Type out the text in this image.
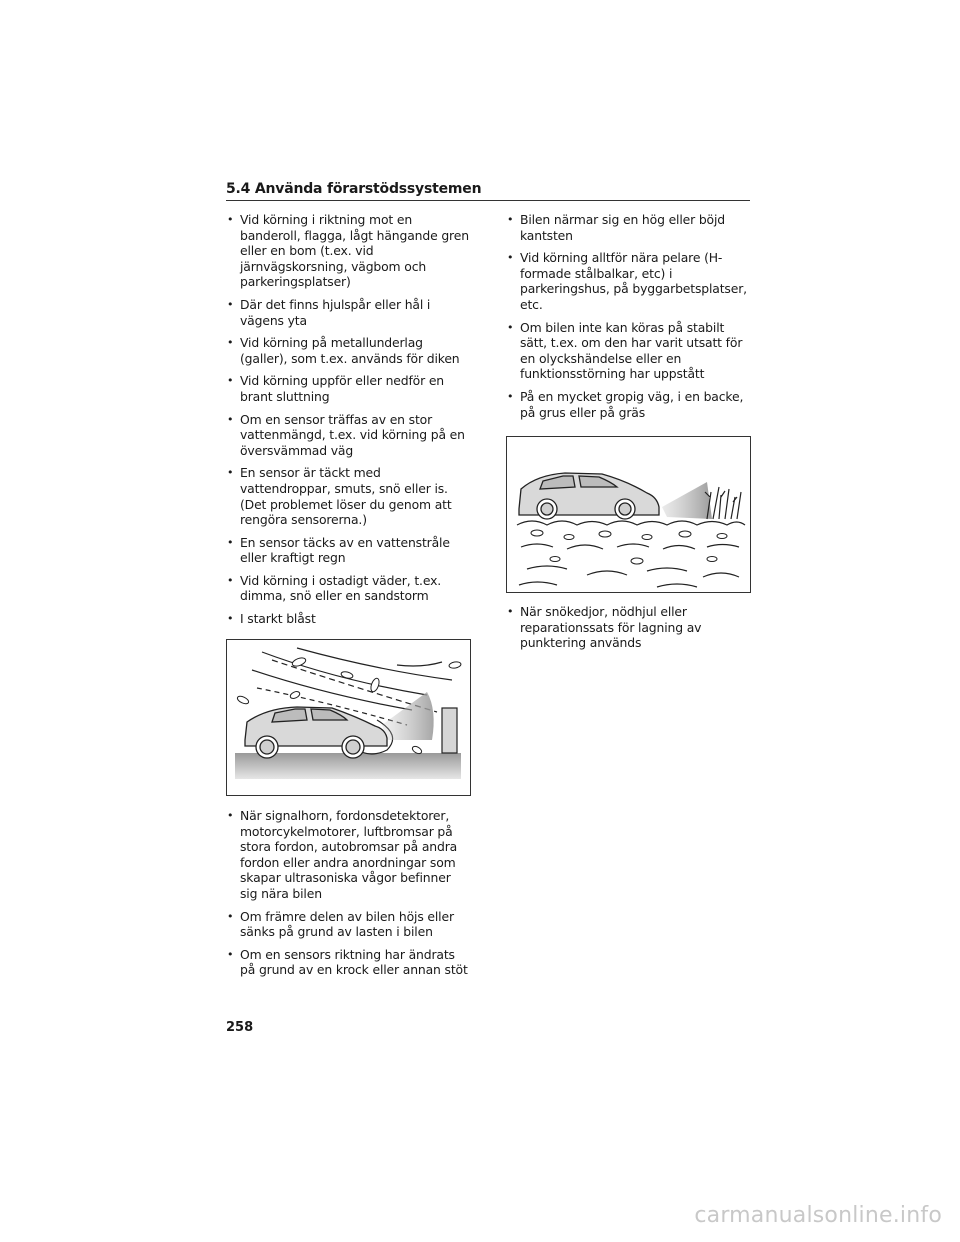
5.4 Använda förarstödssystemen
• Vid körning i riktning mot en banderoll, flagga, lågt hängande gren eller en bom (t.ex. vid järnvägskorsning, vägbom och parkeringsplatser)
• Där det finns hjulspår eller hål i vägens yta
• Vid körning på metallunderlag (galler), som t.ex. används för diken
• Vid körning uppför eller nedför en brant sluttning
• Om en sensor träffas av en stor vattenmängd, t.ex. vid körning på en översvämmad väg
• En sensor är täckt med vattendroppar, smuts, snö eller is. (Det problemet löser du genom att rengöra sensorerna.)
• En sensor täcks av en vattenstråle eller kraftigt regn
• Vid körning i ostadigt väder, t.ex. dimma, snö eller en sandstorm
• I starkt blåst
• När signalhorn, fordonsdetektorer, motorcykelmotorer, luftbromsar på stora fordon, autobromsar på andra fordon eller andra anordningar som skapar ultrasoniska vågor befinner sig nära bilen
• Om främre delen av bilen höjs eller sänks på grund av lasten i bilen
• Om en sensors riktning har ändrats på grund av en krock eller annan stöt
• Bilen närmar sig en hög eller böjd kantsten
• Vid körning alltför nära pelare (H-formade stålbalkar, etc) i parkeringshus, på byggarbetsplatser, etc.
• Om bilen inte kan köras på stabilt sätt, t.ex. om den har varit utsatt för en olyckshändelse eller en funktionsstörning har uppstått
• På en mycket gropig väg, i en backe, på grus eller på gräs
• När snökedjor, nödhjul eller reparationssats för lagning av punktering används
258
carmanualsonline.info
